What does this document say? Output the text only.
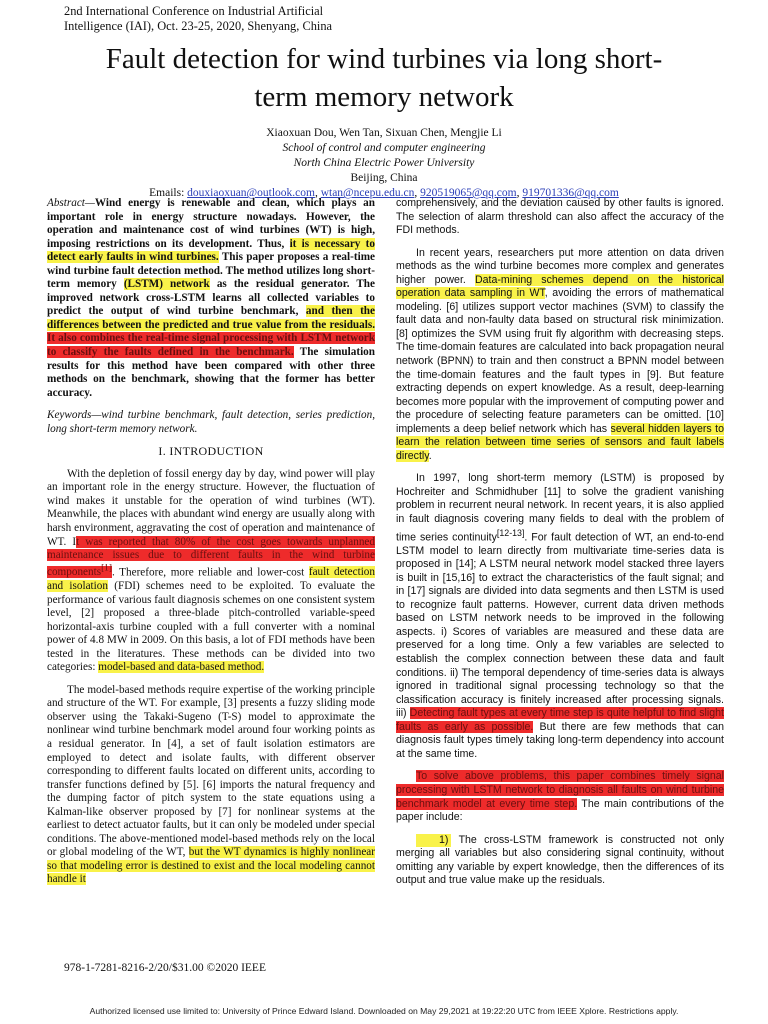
2nd International Conference on Industrial Artificial
Intelligence (IAI), Oct. 23-25, 2020, Shenyang, China
Fault detection for wind turbines via long short-
term memory network
Xiaoxuan Dou, Wen Tan, Sixuan Chen, Mengjie Li
School of control and computer engineering
North China Electric Power University
Beijing, China
Emails: douxiaoxuan@outlook.com, wtan@ncepu.edu.cn, 920519065@qq.com, 919701336@qq.com

Abstract—Wind energy is renewable and clean, which plays an important role in energy structure nowadays. However, the operation and maintenance cost of wind turbines (WT) is high, imposing restrictions on its development. Thus, it is necessary to detect early faults in wind turbines. This paper proposes a real-time wind turbine fault detection method. The method utilizes long short-term memory (LSTM) network as the residual generator. The improved network cross-LSTM learns all collected variables to predict the output of wind turbine benchmark, and then the differences between the predicted and true value from the residuals. It also combines the real-time signal processing with LSTM network to classify the faults defined in the benchmark. The simulation results for this method have been compared with other three methods on the benchmark, showing that the former has better accuracy.

Keywords—wind turbine benchmark, fault detection, series prediction, long short-term memory network.

I. INTRODUCTION

With the depletion of fossil energy day by day, wind power will play an important role in the energy structure. However, the fluctuation of wind makes it unstable for the operation of wind turbines (WT). Meanwhile, the places with abundant wind energy are usually along with harsh environment, aggravating the cost of operation and maintenance of WT. It was reported that 80% of the cost goes towards unplanned maintenance issues due to different faults in the wind turbine components[1]. Therefore, more reliable and lower-cost fault detection and isolation (FDI) schemes need to be exploited. To evaluate the performance of various fault diagnosis schemes on one consistent system level, [2] proposed a three-blade pitch-controlled variable-speed horizontal-axis turbine coupled with a full converter with a nominal power of 4.8 MW in 2009. On this basis, a lot of FDI methods have been tested in the literatures. These methods can be divided into two categories: model-based and data-based method.

The model-based methods require expertise of the working principle and structure of the WT. For example, [3] presents a fuzzy sliding mode observer using the Takaki-Sugeno (T-S) model to approximate the nonlinear wind turbine benchmark model around four working points as a residual generator. In [4], a set of fault isolation estimators are employed to detect and isolate faults, with different observer corresponding to different faults located on different units, according to transfer functions defined by [5]. [6] imports the natural frequency and the dumping factor of pitch system to the state equations using a Kalman-like observer proposed by [7] for nonlinear systems at the earliest to detect actuator faults, but it can only be modeled under special conditions. The above-mentioned model-based methods rely on the local or global modeling of the WT, but the WT dynamics is highly nonlinear so that modeling error is destined to exist and the local modeling cannot handle it

comprehensively, and the deviation caused by other faults is ignored. The selection of alarm threshold can also affect the accuracy of the FDI methods.

In recent years, researchers put more attention on data driven methods as the wind turbine becomes more complex and generates higher power. Data-mining schemes depend on the historical operation data sampling in WT, avoiding the errors of mathematical modeling. [6] utilizes support vector machines (SVM) to classify the fault data and non-faulty data based on structural risk minimization. [8] optimizes the SVM using fruit fly algorithm with decreasing steps. The time-domain features are calculated into back propagation neural network (BPNN) to train and then construct a BPNN model between the time-domain features and the fault types in [9]. But feature extracting depends on expert knowledge. As a result, deep-learning becomes more popular with the improvement of computing power and the procedure of selecting feature parameters can be omitted. [10] implements a deep belief network which has several hidden layers to learn the relation between time series of sensors and fault labels directly.

In 1997, long short-term memory (LSTM) is proposed by Hochreiter and Schmidhuber [11] to solve the gradient vanishing problem in recurrent neural network. In recent years, it is also applied in fault diagnosis covering many fields to deal with the problem of time series continuity[12-13]. For fault detection of WT, an end-to-end LSTM model to learn directly from multivariate time-series data is proposed in [14]; A LSTM neural network model stacked three layers is built in [15,16] to extract the characteristics of the fault signal; and in [17] signals are divided into data segments and then LSTM is used to recognize fault patterns. However, current data driven methods based on LSTM network needs to be improved in the following aspects. i) Scores of variables are measured and these data are preserved for a long time. Only a few variables are selected to establish the complex connection between these data and fault conditions. ii) The temporal dependency of time-series data is always ignored in traditional signal processing technology so that the classification accuracy is finitely increased after processing signals. iii) Detecting fault types at every time step is quite helpful to find slight faults as early as possible. But there are few methods that can diagnosis fault types timely taking long-term dependency into account at the same time.

To solve above problems, this paper combines timely signal processing with LSTM network to diagnosis all faults on wind turbine benchmark model at every time step. The main contributions of the paper include:

1) The cross-LSTM framework is constructed not only merging all variables but also considering signal continuity, without omitting any variable by expert knowledge, then the differences of its output and true value make up the residuals.

978-1-7281-8216-2/20/$31.00 ©2020 IEEE
Authorized licensed use limited to: University of Prince Edward Island. Downloaded on May 29,2021 at 19:22:20 UTC from IEEE Xplore. Restrictions apply.
